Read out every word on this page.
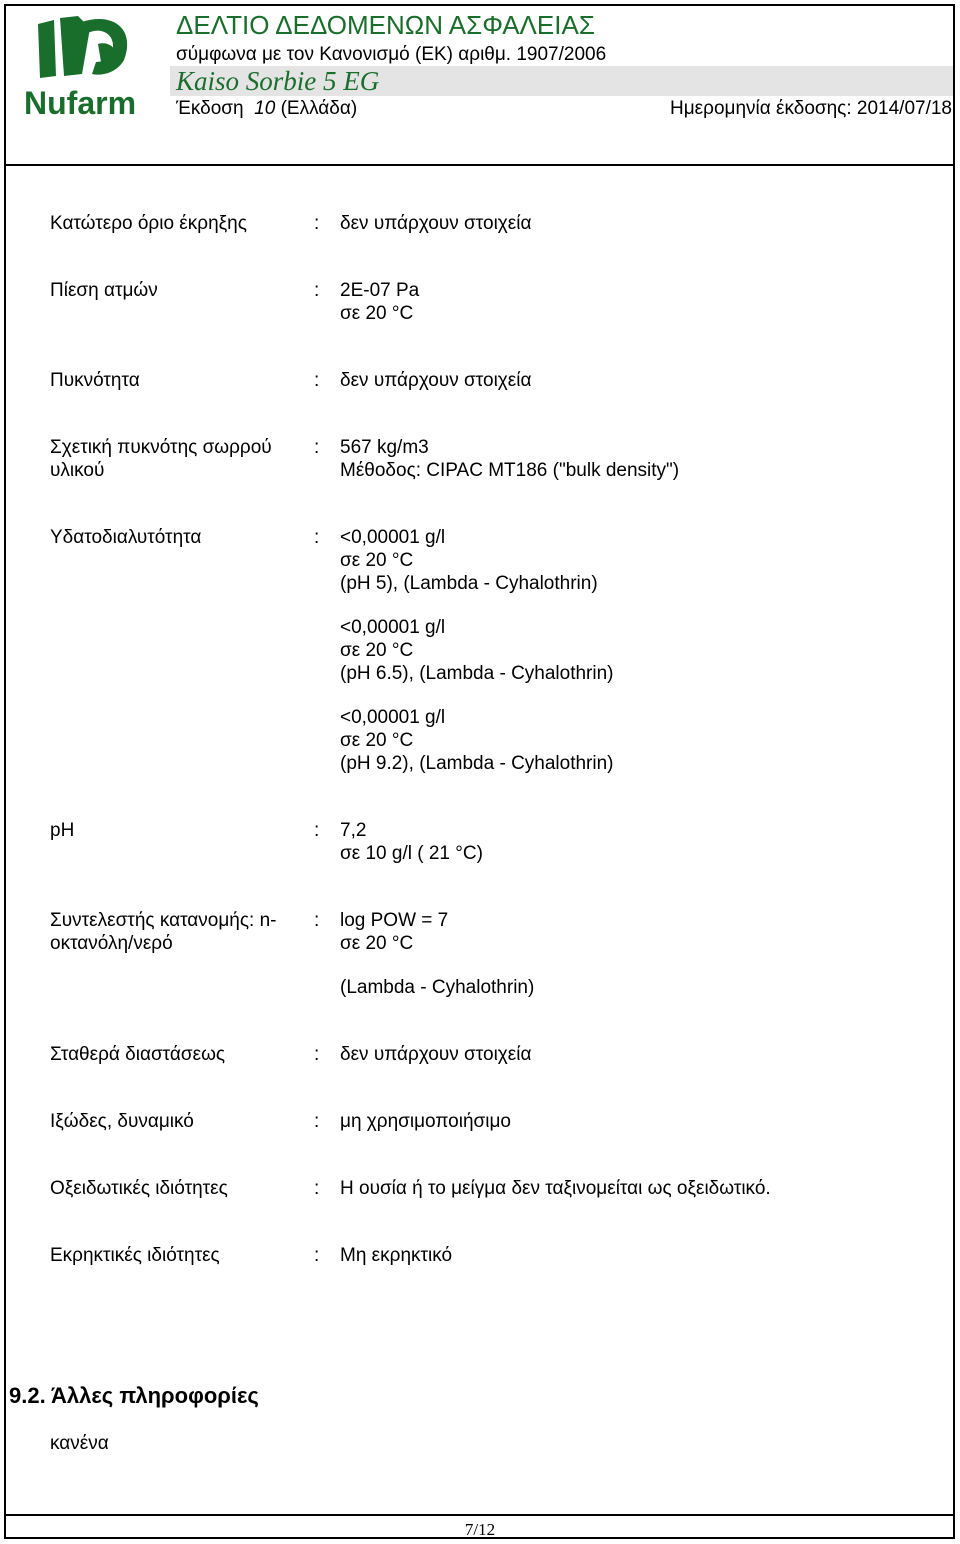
Nufarm
ΔΕΛΤΙΟ ΔΕΔΟΜΕΝΩΝ ΑΣΦΑΛΕΙΑΣ
σύμφωνα με τον Κανονισμό (ΕΚ) αριθμ. 1907/2006
Kaiso Sorbie 5 EG
Έκδοση 10 (Ελλάδα)	Ημερομηνία έκδοσης: 2014/07/18
Κατώτερο όριο έκρηξης	: δεν υπάρχουν στοιχεία
Πίεση ατμών	: 2E-07 Pa
σε 20 °C
Πυκνότητα	: δεν υπάρχουν στοιχεία
Σχετική πυκνότης σωρρού υλικού
: 567 kg/m3
Μέθοδος: CIPAC MT186 ("bulk density")
Υδατοδιαλυτότητα	: <0,00001 g/l
σε 20 °C
(pH 5), (Lambda - Cyhalothrin)
<0,00001 g/l
σε 20 °C
(pH 6.5), (Lambda - Cyhalothrin)
<0,00001 g/l
σε 20 °C
(pH 9.2), (Lambda - Cyhalothrin)
pH	: 7,2
σε 10 g/l ( 21 °C)
Συντελεστής κατανομής: n-οκτανόλη/νερό
: log POW = 7
σε 20 °C
(Lambda - Cyhalothrin)
Σταθερά διαστάσεως	: δεν υπάρχουν στοιχεία
Ιξώδες, δυναμικό	: μη χρησιμοποιήσιμο
Οξειδωτικές ιδιότητες	: Η ουσία ή το μείγμα δεν ταξινομείται ως οξειδωτικό.
Εκρηκτικές ιδιότητες	: Μη εκρηκτικό
9.2. Άλλες πληροφορίες
κανένα
7/12
